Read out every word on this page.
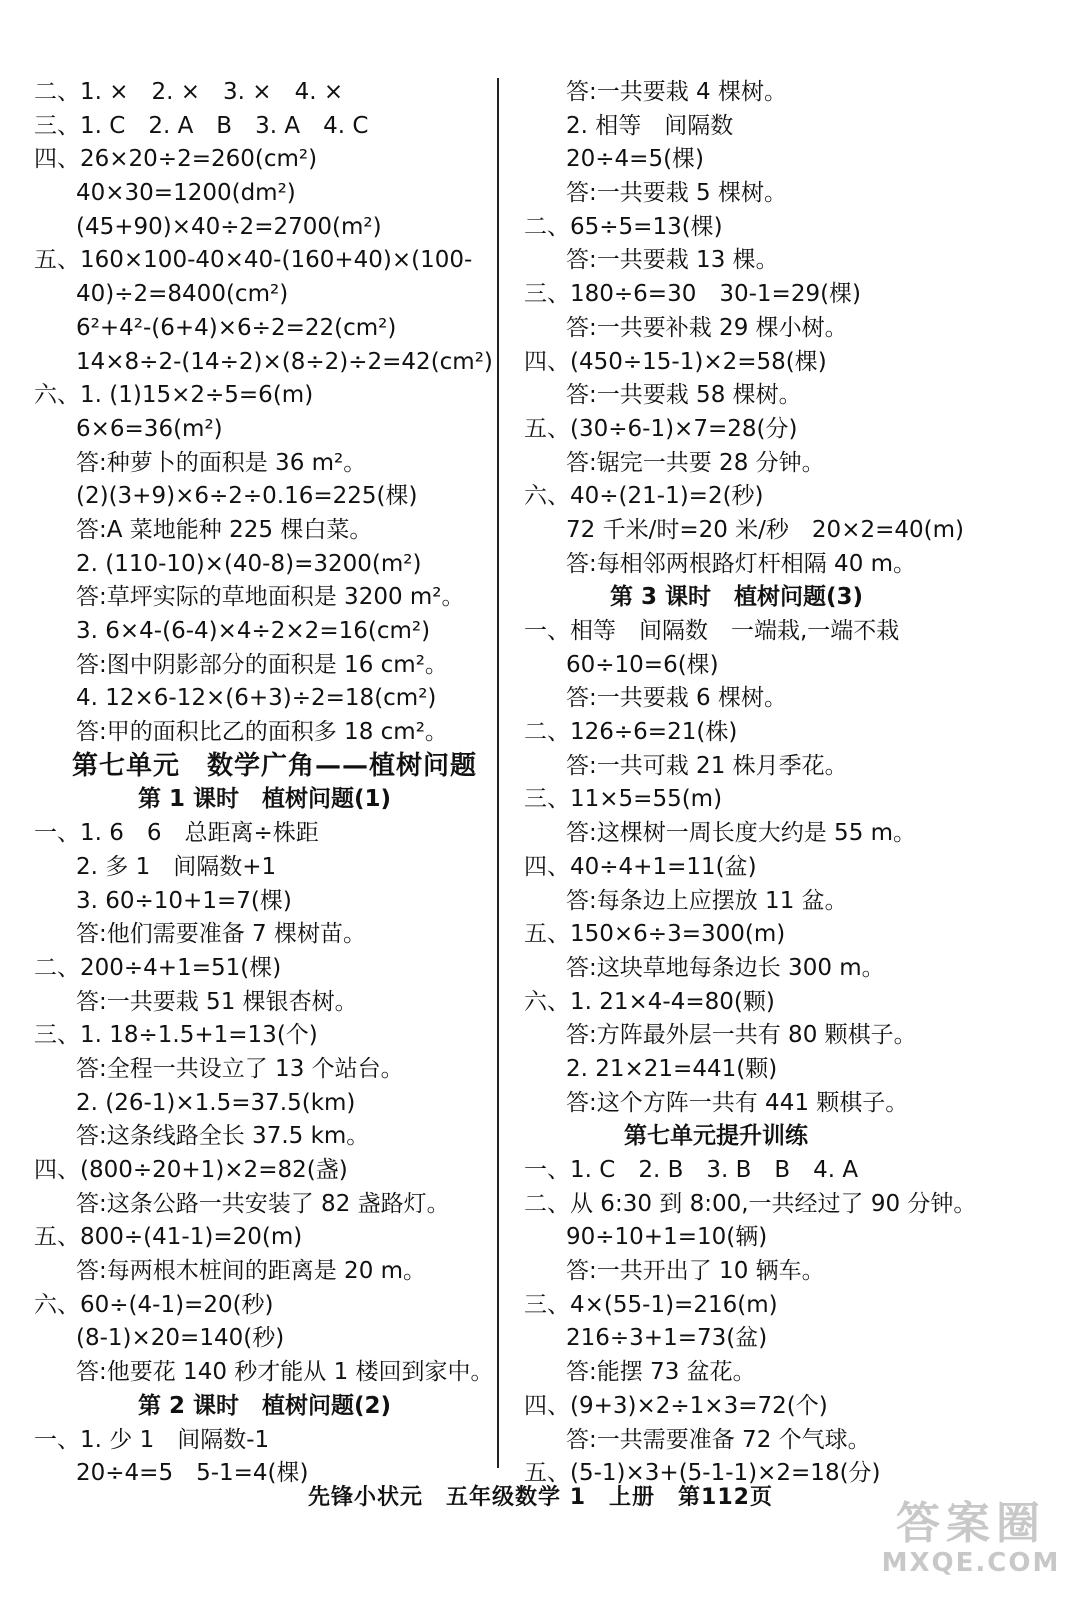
二、1. ×　2. ×　3. ×　4. ×
三、1. C　2. A　B　3. A　4. C
四、26×20÷2=260(cm²)
40×30=1200(dm²)
(45+90)×40÷2=2700(m²)
五、160×100-40×40-(160+40)×(100-
40)÷2=8400(cm²)
6²+4²-(6+4)×6÷2=22(cm²)
14×8÷2-(14÷2)×(8÷2)÷2=42(cm²)
六、1. (1)15×2÷5=6(m)
6×6=36(m²)
答:种萝卜的面积是 36 m²。
(2)(3+9)×6÷2÷0.16=225(棵)
答:A 菜地能种 225 棵白菜。
2. (110-10)×(40-8)=3200(m²)
答:草坪实际的草地面积是 3200 m²。
3. 6×4-(6-4)×4÷2×2=16(cm²)
答:图中阴影部分的面积是 16 cm²。
4. 12×6-12×(6+3)÷2=18(cm²)
答:甲的面积比乙的面积多 18 cm²。
第七单元　数学广角——植树问题
第 1 课时　植树问题(1)
一、1. 6　6　总距离÷株距
2. 多 1　间隔数+1
3. 60÷10+1=7(棵)
答:他们需要准备 7 棵树苗。
二、200÷4+1=51(棵)
答:一共要栽 51 棵银杏树。
三、1. 18÷1.5+1=13(个)
答:全程一共设立了 13 个站台。
2. (26-1)×1.5=37.5(km)
答:这条线路全长 37.5 km。
四、(800÷20+1)×2=82(盏)
答:这条公路一共安装了 82 盏路灯。
五、800÷(41-1)=20(m)
答:每两根木桩间的距离是 20 m。
六、60÷(4-1)=20(秒)
(8-1)×20=140(秒)
答:他要花 140 秒才能从 1 楼回到家中。
第 2 课时　植树问题(2)
一、1. 少 1　间隔数-1
20÷4=5　5-1=4(棵)
答:一共要栽 4 棵树。
2. 相等　间隔数
20÷4=5(棵)
答:一共要栽 5 棵树。
二、65÷5=13(棵)
答:一共要栽 13 棵。
三、180÷6=30　30-1=29(棵)
答:一共要补栽 29 棵小树。
四、(450÷15-1)×2=58(棵)
答:一共要栽 58 棵树。
五、(30÷6-1)×7=28(分)
答:锯完一共要 28 分钟。
六、40÷(21-1)=2(秒)
72 千米/时=20 米/秒　20×2=40(m)
答:每相邻两根路灯杆相隔 40 m。
第 3 课时　植树问题(3)
一、相等　间隔数　一端栽,一端不栽
60÷10=6(棵)
答:一共要栽 6 棵树。
二、126÷6=21(株)
答:一共可栽 21 株月季花。
三、11×5=55(m)
答:这棵树一周长度大约是 55 m。
四、40÷4+1=11(盆)
答:每条边上应摆放 11 盆。
五、150×6÷3=300(m)
答:这块草地每条边长 300 m。
六、1. 21×4-4=80(颗)
答:方阵最外层一共有 80 颗棋子。
2. 21×21=441(颗)
答:这个方阵一共有 441 颗棋子。
第七单元提升训练
一、1. C　2. B　3. B　B　4. A
二、从 6:30 到 8:00,一共经过了 90 分钟。
90÷10+1=10(辆)
答:一共开出了 10 辆车。
三、4×(55-1)=216(m)
216÷3+1=73(盆)
答:能摆 73 盆花。
四、(9+3)×2÷1×3=72(个)
答:一共需要准备 72 个气球。
五、(5-1)×3+(5-1-1)×2=18(分)
先锋小状元　五年级数学 1　上册　第112页
答案圈
MXQE.COM
